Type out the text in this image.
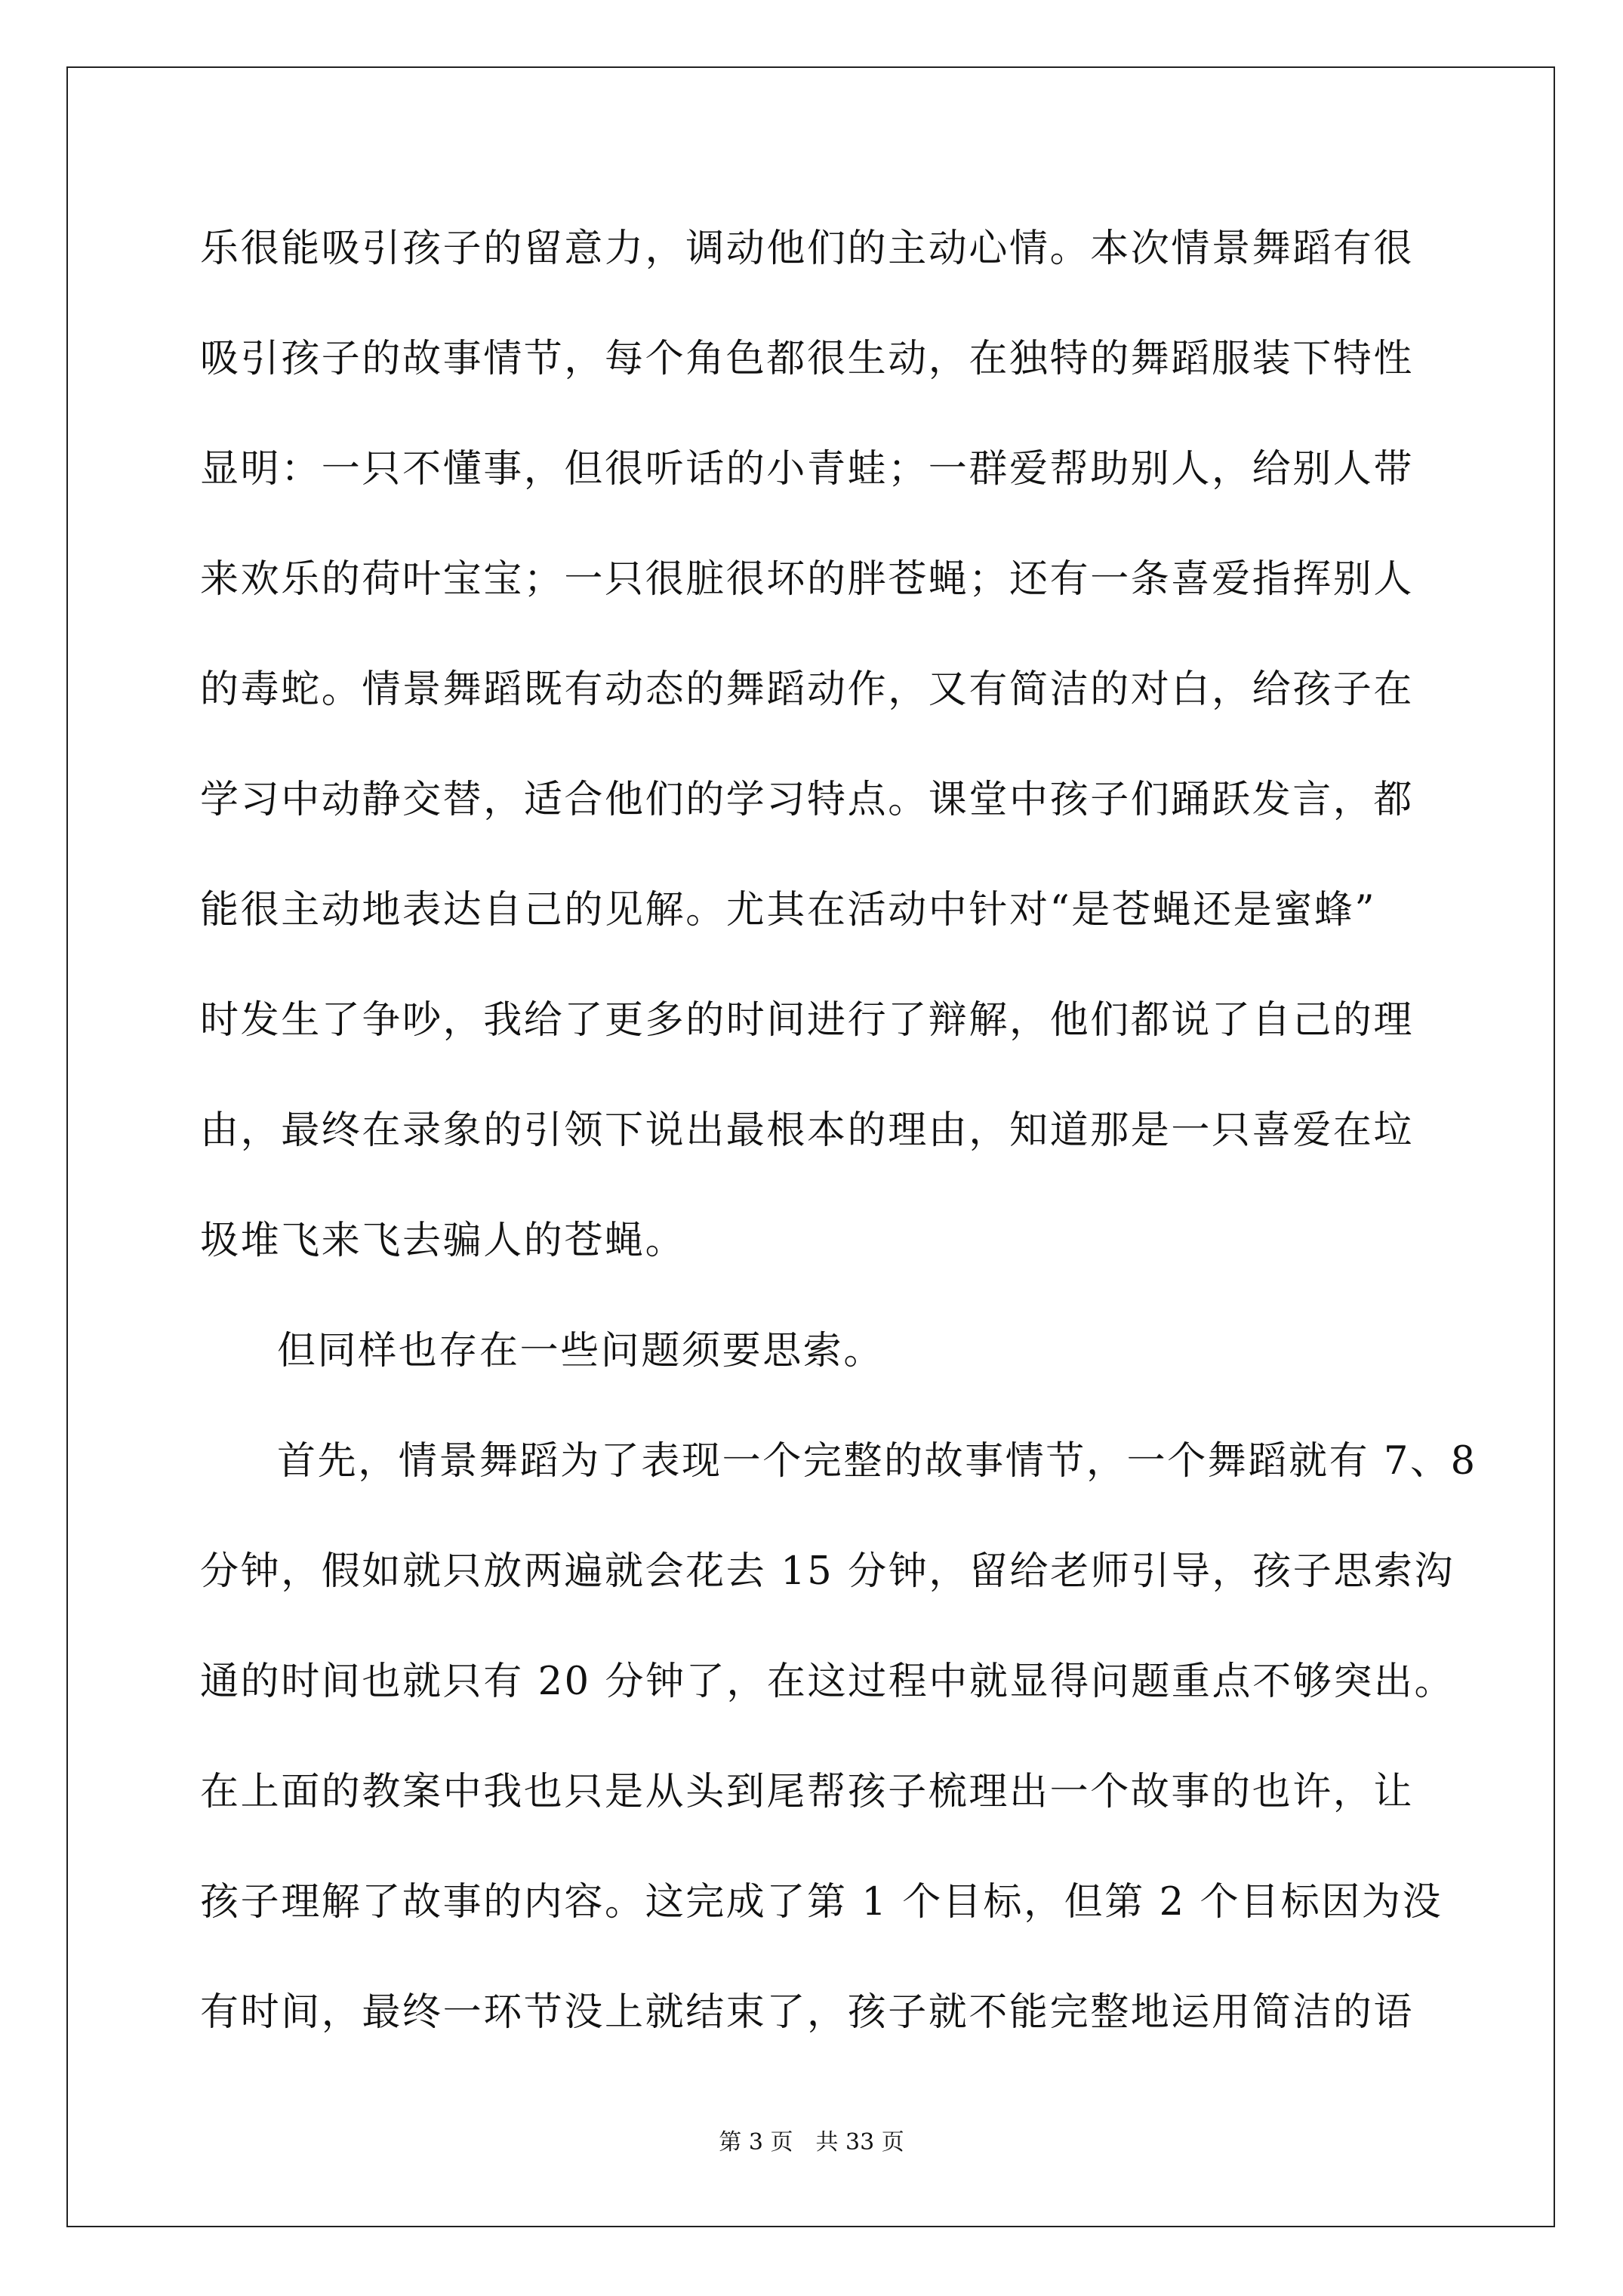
乐很能吸引孩子的留意力，调动他们的主动心情。本次情景舞蹈有很
吸引孩子的故事情节，每个角色都很生动，在独特的舞蹈服装下特性
显明：一只不懂事，但很听话的小青蛙；一群爱帮助别人，给别人带
来欢乐的荷叶宝宝；一只很脏很坏的胖苍蝇；还有一条喜爱指挥别人
的毒蛇。情景舞蹈既有动态的舞蹈动作，又有简洁的对白，给孩子在
学习中动静交替，适合他们的学习特点。课堂中孩子们踊跃发言，都
能很主动地表达自己的见解。尤其在活动中针对“是苍蝇还是蜜蜂”
时发生了争吵，我给了更多的时间进行了辩解，他们都说了自己的理
由，最终在录象的引领下说出最根本的理由，知道那是一只喜爱在垃
圾堆飞来飞去骗人的苍蝇。
但同样也存在一些问题须要思索。
首先，情景舞蹈为了表现一个完整的故事情节，一个舞蹈就有 7、8
分钟，假如就只放两遍就会花去 15 分钟，留给老师引导，孩子思索沟
通的时间也就只有 20 分钟了，在这过程中就显得问题重点不够突出。
在上面的教案中我也只是从头到尾帮孩子梳理出一个故事的也许，让
第 3 页　共 33 页
孩子理解了故事的内容。这完成了第 1 个目标，但第 2 个目标因为没
有时间，最终一环节没上就结束了，孩子就不能完整地运用简洁的语
